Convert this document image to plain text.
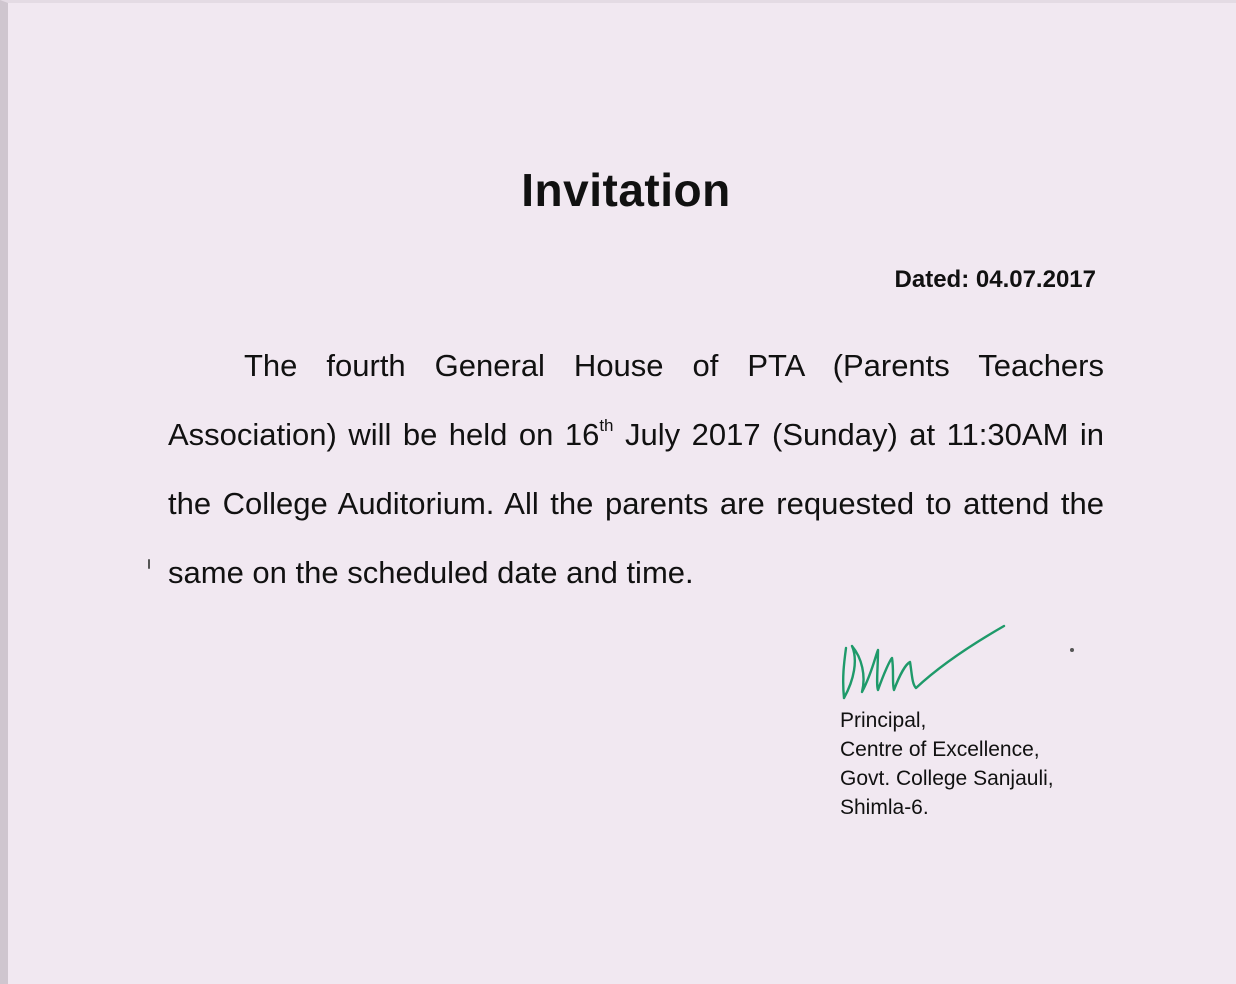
Invitation
Dated: 04.07.2017

The fourth General House of PTA (Parents Teachers Association) will be held on 16th July 2017 (Sunday) at 11:30AM in the College Auditorium. All the parents are requested to attend the same on the scheduled date and time.

Principal,
Centre of Excellence,
Govt. College Sanjauli,
Shimla-6.
